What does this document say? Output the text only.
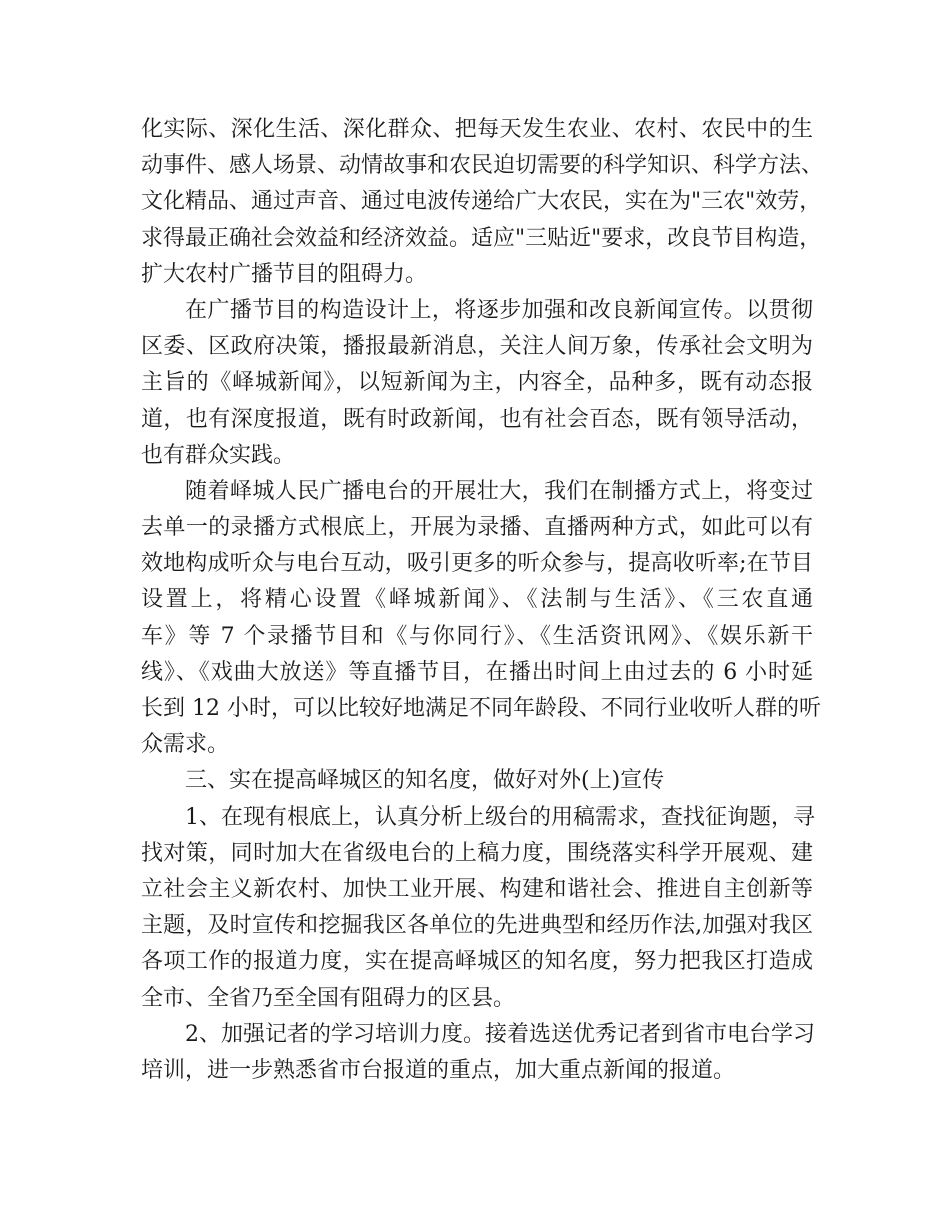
化实际、深化生活、深化群众、把每天发生农业、农村、农民中的生
动事件、感人场景、动情故事和农民迫切需要的科学知识、科学方法、
文化精品、通过声音、通过电波传递给广大农民，实在为"三农"效劳，
求得最正确社会效益和经济效益。适应"三贴近"要求，改良节目构造，
扩大农村广播节目的阻碍力。
在广播节目的构造设计上，将逐步加强和改良新闻宣传。以贯彻
区委、区政府决策，播报最新消息，关注人间万象，传承社会文明为
主旨的《峄城新闻》，以短新闻为主，内容全，品种多，既有动态报
道，也有深度报道，既有时政新闻，也有社会百态，既有领导活动，
也有群众实践。
随着峄城人民广播电台的开展壮大，我们在制播方式上，将变过
去单一的录播方式根底上，开展为录播、直播两种方式，如此可以有
效地构成听众与电台互动，吸引更多的听众参与，提高收听率;在节目
设置上，将精心设置《峄城新闻》、《法制与生活》、《三农直通
车》等 7 个录播节目和《与你同行》、《生活资讯网》、《娱乐新干
线》、《戏曲大放送》等直播节目，在播出时间上由过去的 6 小时延
长到 12 小时，可以比较好地满足不同年龄段、不同行业收听人群的听
众需求。
三、实在提高峄城区的知名度，做好对外(上)宣传
1、在现有根底上，认真分析上级台的用稿需求，查找征询题，寻
找对策，同时加大在省级电台的上稿力度，围绕落实科学开展观、建
立社会主义新农村、加快工业开展、构建和谐社会、推进自主创新等
主题，及时宣传和挖掘我区各单位的先进典型和经历作法,加强对我区
各项工作的报道力度，实在提高峄城区的知名度，努力把我区打造成
全市、全省乃至全国有阻碍力的区县。
2、加强记者的学习培训力度。接着选送优秀记者到省市电台学习
培训，进一步熟悉省市台报道的重点，加大重点新闻的报道。
